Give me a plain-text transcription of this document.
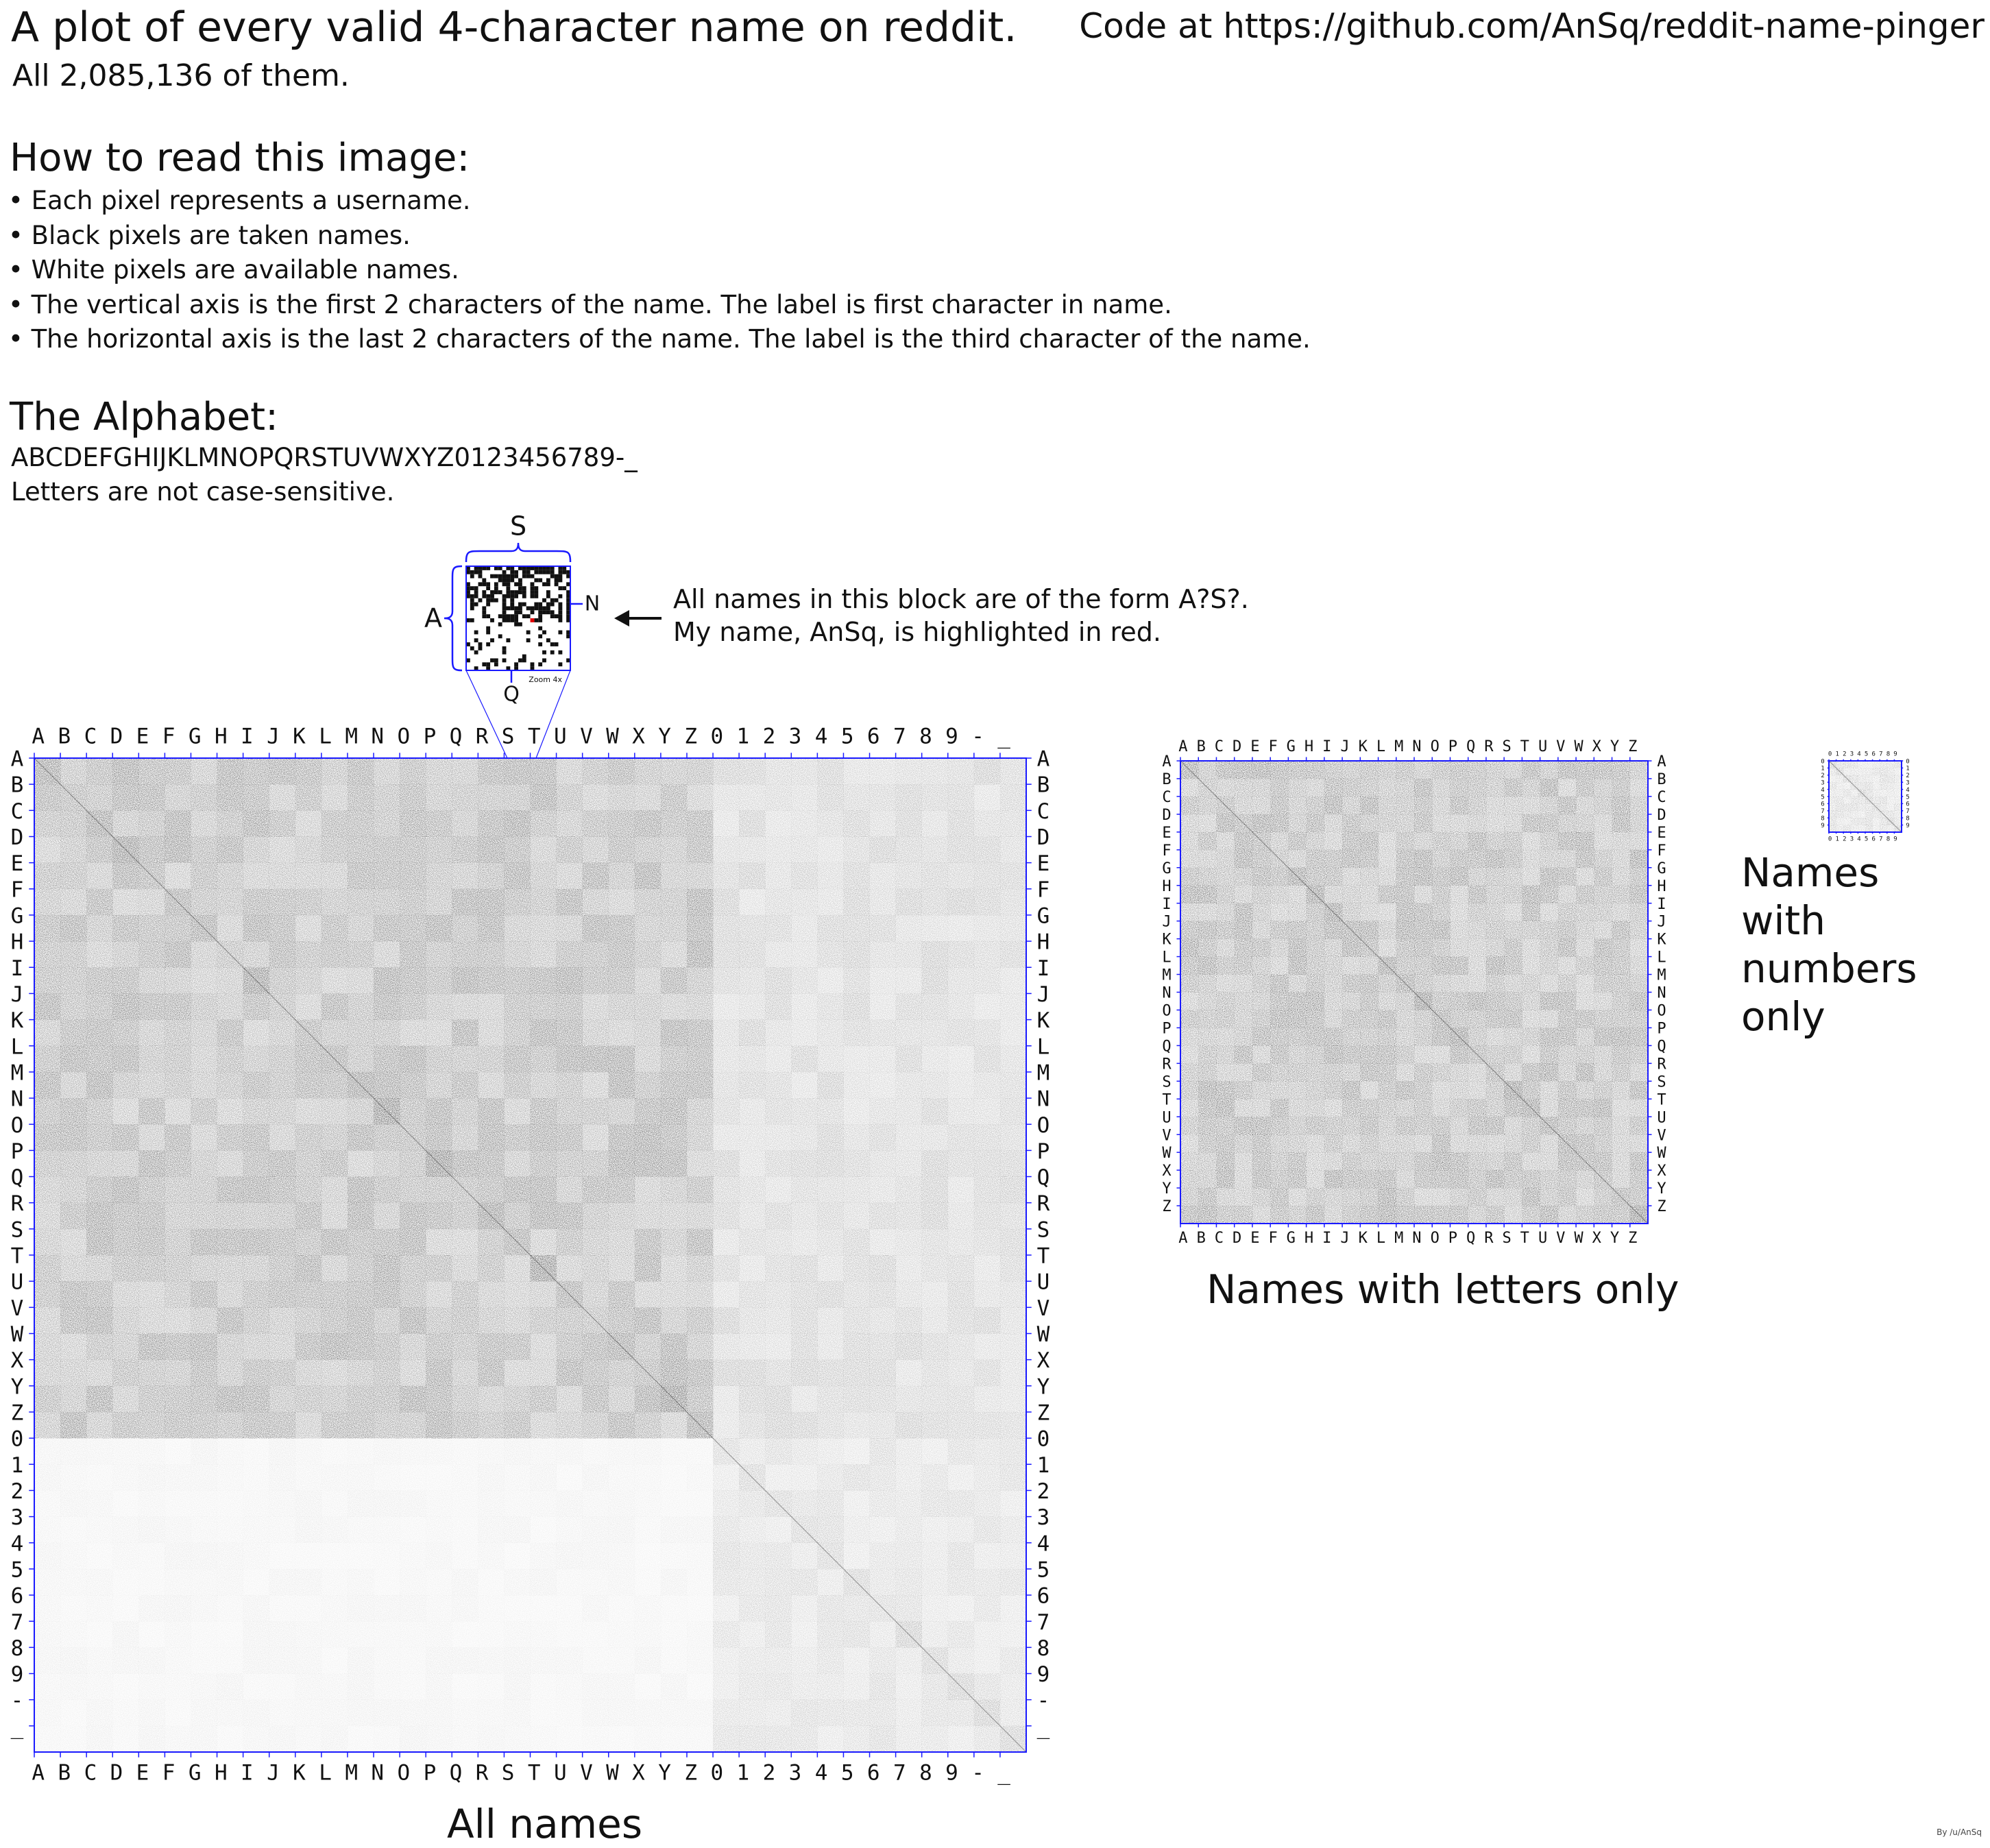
A plot of every valid 4-character name on reddit.
All 2,085,136 of them.
Code at https://github.com/AnSq/reddit-name-pinger
How to read this image:
• Each pixel represents a username.
• Black pixels are taken names.
• White pixels are available names.
• The vertical axis is the first 2 characters of the name. The label is first character in name.
• The horizontal axis is the last 2 characters of the name. The label is the third character of the name.
The Alphabet:
ABCDEFGHIJKLMNOPQRSTUVWXYZ0123456789-_
Letters are not case-sensitive.
All names in this block are of the form A?S?.
My name, AnSq, is highlighted in red.
All names
Names with letters only
Names with numbers only
By /u/AnSq
A
A
A	A
B
B
B	B
C
C
C	C
D
D
D	D
E
E
E	E
F
F
F	F
G
G
G	G
H
H
H	H
I
I
I	I
J
J
J	J
K
K
K	K
L
L
L	L
M
M
M	M
N
N
N	N
O
O
O	O
P
P
P	P
Q
Q
Q	Q
R
R
R	R
S
S
S	S
T
T
T	T
U
U
U	U
V
V
V	V
W
W
W	W
X
X
X	X
Y
Y
Y	Y
Z
Z
Z	Z
0
0
0	0
1
1
1	1
2
2
2	2
3
3
3	3
4
4
4	4
5
5
5	5
6
6
6	6
7
7
7	7
8
8
8	8
9
9
9	9
-
-
-	-
_
_
_	_
A
A
A	A
B
B
B	B
C
C
C	C
D
D
D	D
E
E
E	E
F
F
F	F
G
G
G	G
H
H
H	H
I
I
I	I
J
J
J	J
K
K
K	K
L
L
L	L
M
M
M	M
N
N
N	N
O
O
O	O
P
P
P	P
Q
Q
Q	Q
R
R
R	R
S
S
S	S
T
T
T	T
U
U
U	U
V
V
V	V
W
W
W	W
X
X
X	X
Y
Y
Y	Y
Z
Z
Z	Z
0
0
0	0
1
1
1	1
2
2
2	2
3
3
3	3
4
4
4	4
5
5
5	5
6
6
6	6
7
7
7	7
8
8
8	8
9
9
9	9
S
A	N
Q
Zoom 4x
